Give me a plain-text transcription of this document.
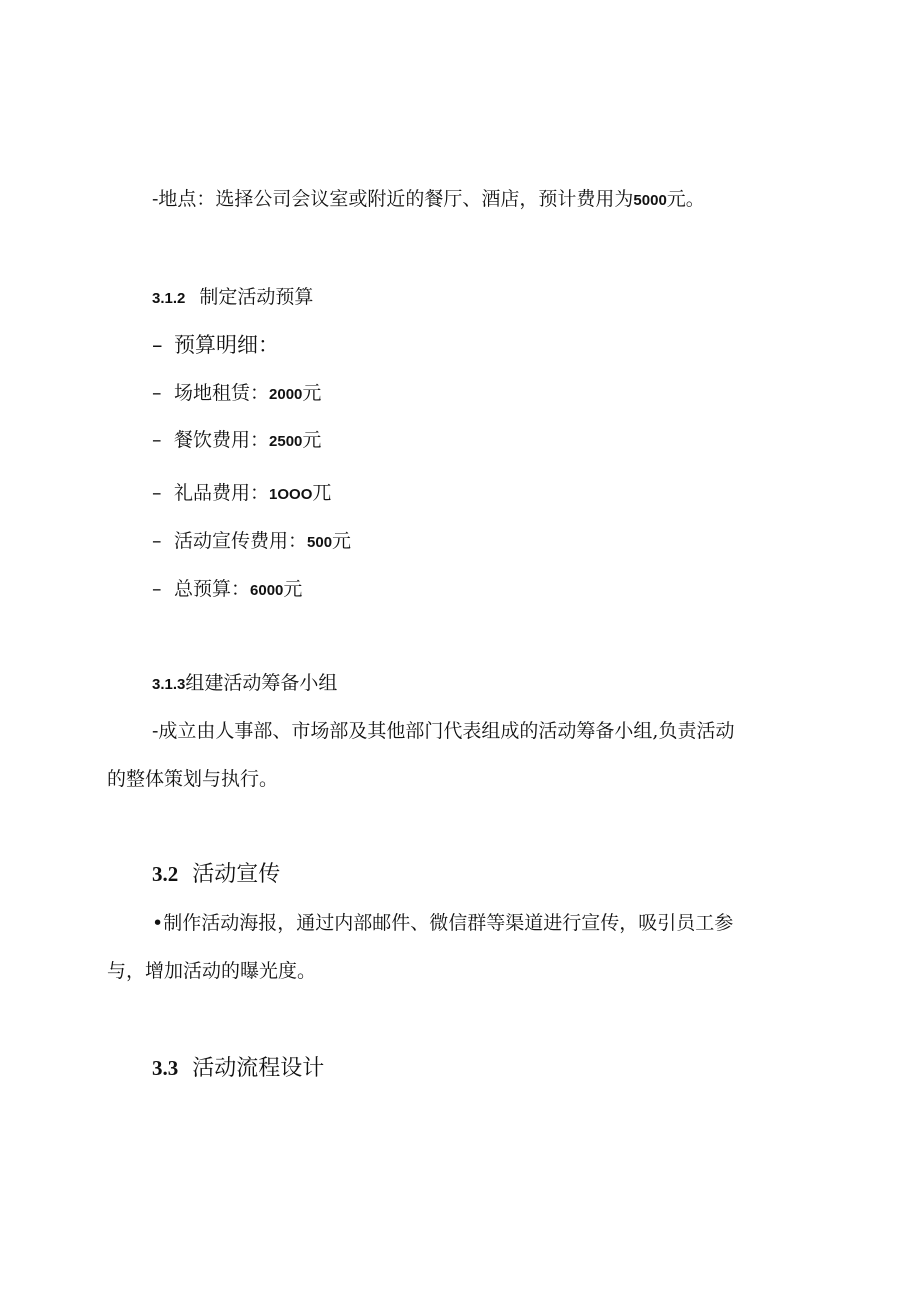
-地点：选择公司会议室或附近的餐厅、酒店，预计费用为5000元。
3.1.2 制定活动预算
– 预算明细：
– 场地租赁：2000元
– 餐饮费用：2500元
– 礼品费用：1OOO兀
– 活动宣传费用：500元
– 总预算：6000元
3.1.3组建活动筹备小组
-成立由人事部、市场部及其他部门代表组成的活动筹备小组,负责活动
的整体策划与执行。
3.2 活动宣传
•制作活动海报，通过内部邮件、微信群等渠道进行宣传，吸引员工参
与，增加活动的曝光度。
3.3 活动流程设计
